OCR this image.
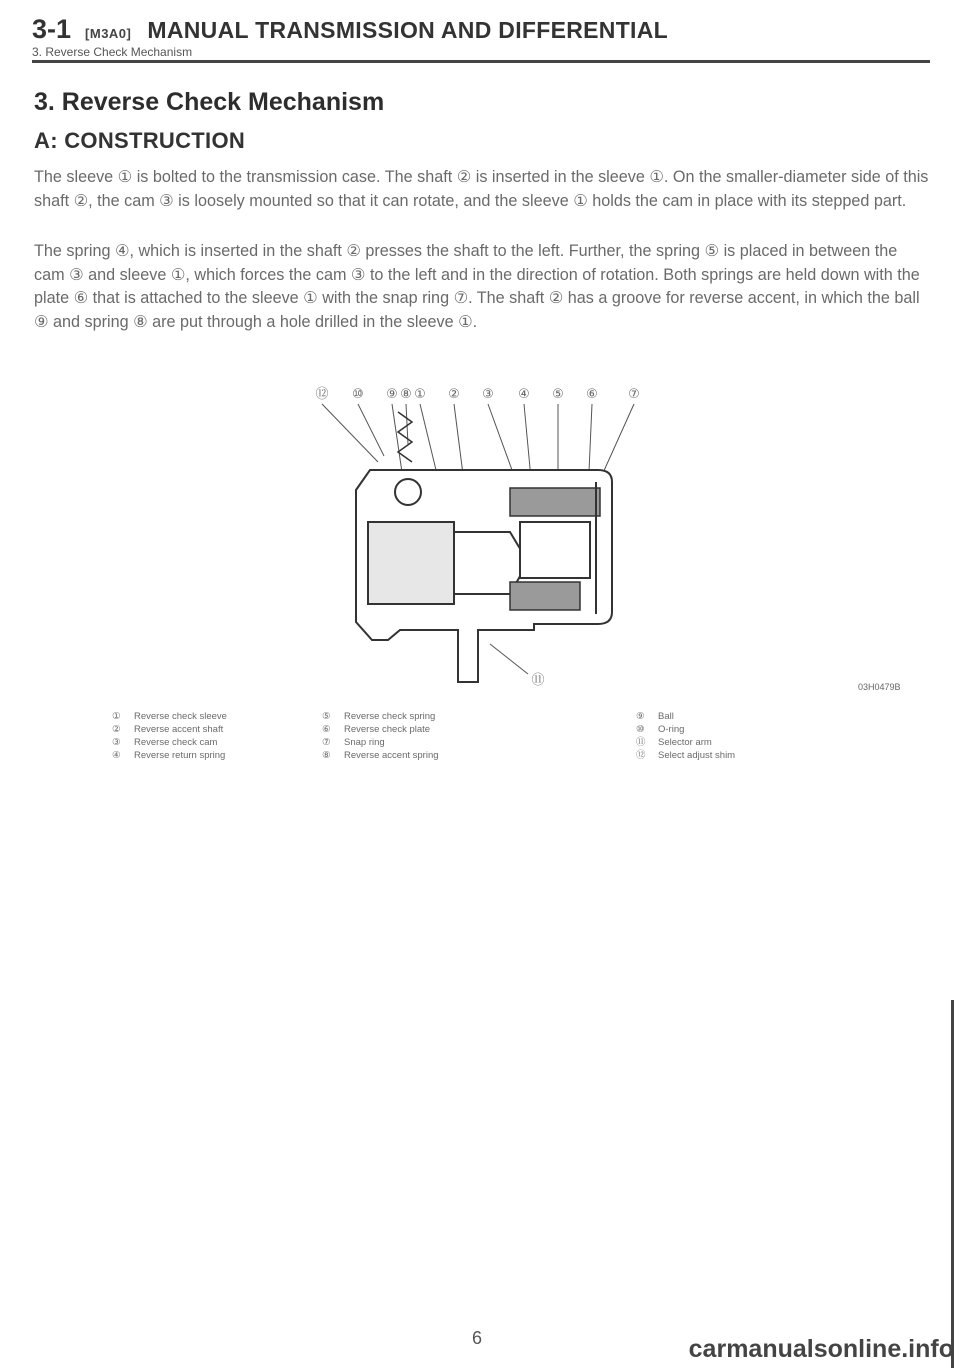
3-1 [M3A0] MANUAL TRANSMISSION AND DIFFERENTIAL
3. Reverse Check Mechanism
3. Reverse Check Mechanism
A: CONSTRUCTION

The sleeve ① is bolted to the transmission case. The shaft ② is inserted in the sleeve ①. On the smaller-diameter side of this shaft ②, the cam ③ is loosely mounted so that it can rotate, and the sleeve ① holds the cam in place with its stepped part.

The spring ④, which is inserted in the shaft ② presses the shaft to the left. Further, the spring ⑤ is placed in between the cam ③ and sleeve ①, which forces the cam ③ to the left and in the direction of rotation. Both springs are held down with the plate ⑥ that is attached to the sleeve ① with the snap ring ⑦. The shaft ② has a groove for reverse accent, in which the ball ⑨ and spring ⑧ are put through a hole drilled in the sleeve ①.

⑫ ⑩ ⑨ ⑧ ① ② ③ ④ ⑤ ⑥ ⑦
⑪	03H0479B
①	Reverse check sleeve
②	Reverse accent shaft
③	Reverse check cam
④	Reverse return spring
⑤	Reverse check spring
⑥	Reverse check plate
⑦	Snap ring
⑧	Reverse accent spring
⑨	Ball
⑩	O-ring
⑪	Selector arm
⑫	Select adjust shim
6	carmanualsonline.info
